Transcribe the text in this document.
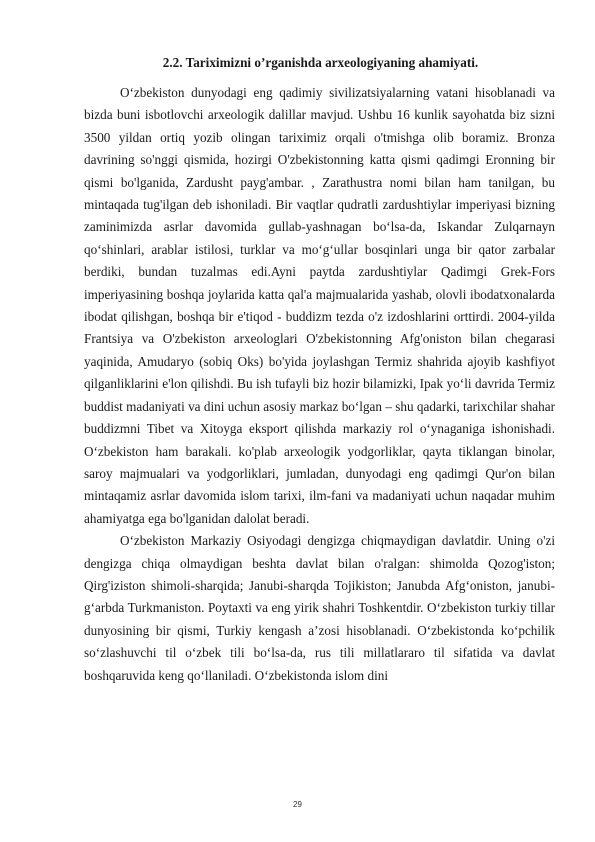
2.2. Tariximizni o’rganishda arxeologiyaning ahamiyati.

O‘zbekiston dunyodagi eng qadimiy sivilizatsiyalarning vatani hisoblanadi va bizda buni isbotlovchi arxeologik dalillar mavjud. Ushbu 16 kunlik sayohatda biz sizni 3500 yildan ortiq yozib olingan tariximiz orqali o'tmishga olib boramiz. Bronza davrining so'nggi qismida, hozirgi O'zbekistonning katta qismi qadimgi Eronning bir qismi bo'lganida, Zardusht payg'ambar. , Zarathustra nomi bilan ham tanilgan, bu mintaqada tug'ilgan deb ishoniladi. Bir vaqtlar qudratli zardushtiylar imperiyasi bizning zaminimizda asrlar davomida gullab-yashnagan bo‘lsa-da, Iskandar Zulqarnayn qo‘shinlari, arablar istilosi, turklar va mo‘g‘ullar bosqinlari unga bir qator zarbalar berdiki, bundan tuzalmas edi.Ayni paytda zardushtiylar Qadimgi Grek-Fors imperiyasining boshqa joylarida katta qal'a majmualarida yashab, olovli ibodatxonalarda ibodat qilishgan, boshqa bir e'tiqod - buddizm tezda o'z izdoshlarini orttirdi. 2004-yilda Frantsiya va O'zbekiston arxeologlari O'zbekistonning Afg'oniston bilan chegarasi yaqinida, Amudaryo (sobiq Oks) bo'yida joylashgan Termiz shahrida ajoyib kashfiyot qilganliklarini e'lon qilishdi. Bu ish tufayli biz hozir bilamizki, Ipak yo‘li davrida Termiz buddist madaniyati va dini uchun asosiy markaz bo‘lgan – shu qadarki, tarixchilar shahar buddizmni Tibet va Xitoyga eksport qilishda markaziy rol o‘ynaganiga ishonishadi. O‘zbekiston ham barakali. ko'plab arxeologik yodgorliklar, qayta tiklangan binolar, saroy majmualari va yodgorliklari, jumladan, dunyodagi eng qadimgi Qur'on bilan mintaqamiz asrlar davomida islom tarixi, ilm-fani va madaniyati uchun naqadar muhim ahamiyatga ega bo'lganidan dalolat beradi.

O‘zbekiston Markaziy Osiyodagi dengizga chiqmaydigan davlatdir. Uning o'zi dengizga chiqa olmaydigan beshta davlat bilan o'ralgan: shimolda Qozog'iston; Qirg'iziston shimoli-sharqida; Janubi-sharqda Tojikiston; Janubda Afg‘oniston, janubi-g‘arbda Turkmaniston. Poytaxti va eng yirik shahri Toshkentdir. O‘zbekiston turkiy tillar dunyosining bir qismi, Turkiy kengash a’zosi hisoblanadi. O‘zbekistonda ko‘pchilik so‘zlashuvchi til o‘zbek tili bo‘lsa-da, rus tili millatlararo til sifatida va davlat boshqaruvida keng qo‘llaniladi. O‘zbekistonda islom dini

29
